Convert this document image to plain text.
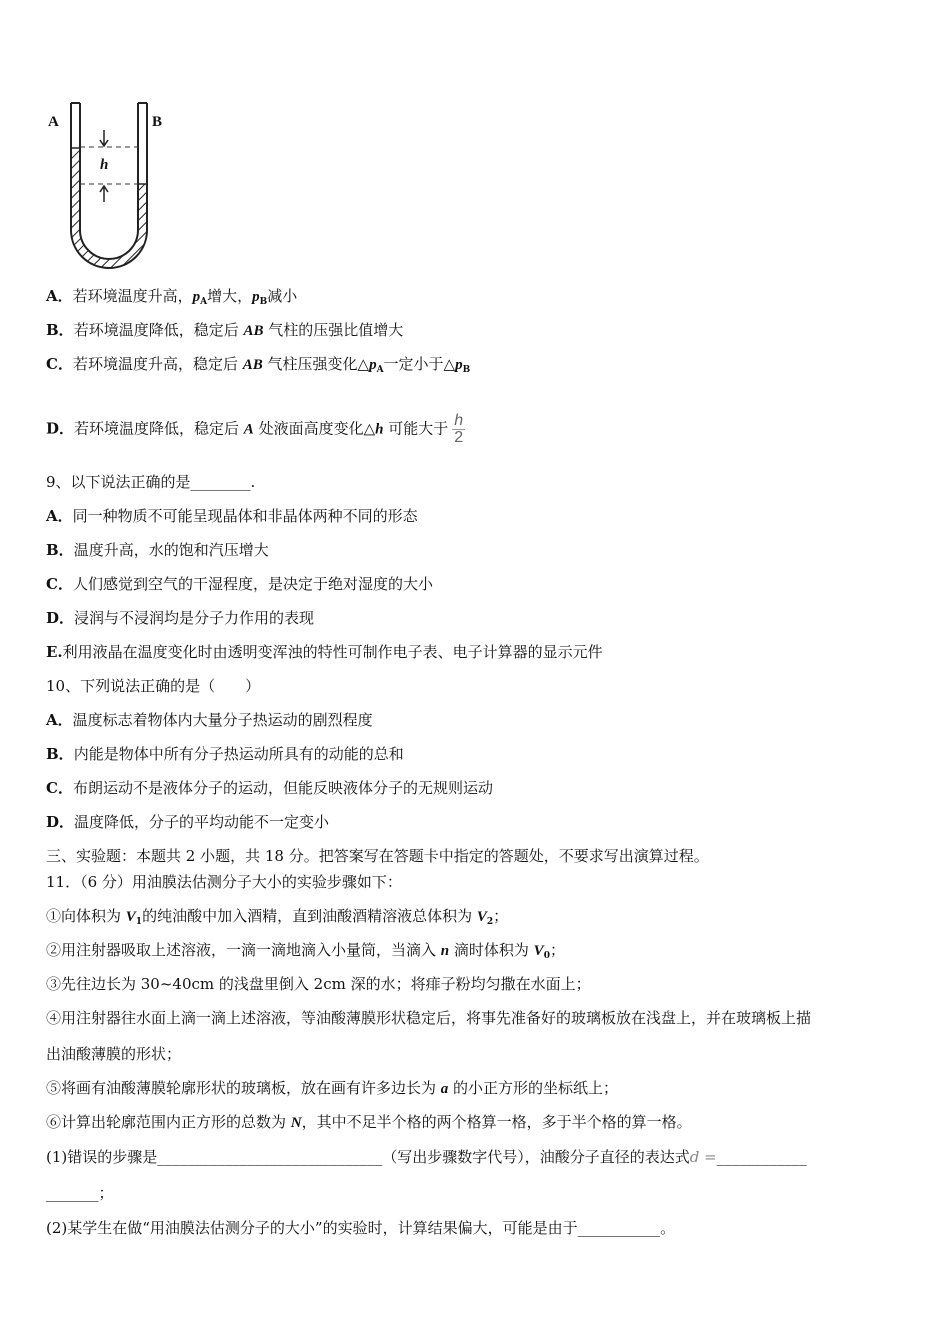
A	B
h
A．若环境温度升高，$p_A$增大，$p_B$减小
B．若环境温度降低，稳定后 AB 气柱的压强比值增大
C．若环境温度升高，稳定后 AB 气柱压强变化$\triangle p_A$一定小于$\triangle p_B$
D．若环境温度降低，稳定后 A 处液面高度变化△h 可能大于 $\frac{h}{2}$
9、以下说法正确的是________.
A．同一种物质不可能呈现晶体和非晶体两种不同的形态
B．温度升高，水的饱和汽压增大
C．人们感觉到空气的干湿程度，是决定于绝对湿度的大小
D．浸润与不浸润均是分子力作用的表现
E.利用液晶在温度变化时由透明变浑浊的特性可制作电子表、电子计算器的显示元件
10、下列说法正确的是（　　）
A．温度标志着物体内大量分子热运动的剧烈程度
B．内能是物体中所有分子热运动所具有的动能的总和
C．布朗运动不是液体分子的运动，但能反映液体分子的无规则运动
D．温度降低，分子的平均动能不一定变小
三、实验题：本题共 2 小题，共 18 分。把答案写在答题卡中指定的答题处，不要求写出演算过程。
11．（6 分）用油膜法估测分子大小的实验步骤如下：
①向体积为 $V_1$的纯油酸中加入酒精，直到油酸酒精溶液总体积为 $V_2$；
②用注射器吸取上述溶液，一滴一滴地滴入小量筒，当滴入 n 滴时体积为 $V_0$；
③先往边长为 30~40cm 的浅盘里倒入 2cm 深的水；将痱子粉均匀撒在水面上；
④用注射器往水面上滴一滴上述溶液，等油酸薄膜形状稳定后，将事先准备好的玻璃板放在浅盘上，并在玻璃板上描
出油酸薄膜的形状；
⑤将画有油酸薄膜轮廓形状的玻璃板，放在画有许多边长为 a 的小正方形的坐标纸上；
⑥计算出轮廓范围内正方形的总数为 N，其中不足半个格的两个格算一格，多于半个格的算一格。
(1)错误的步骤是______________________________（写出步骤数字代号），油酸分子直径的表达式d =____________
_______；
(2)某学生在做“用油膜法估测分子的大小”的实验时，计算结果偏大，可能是由于___________。
